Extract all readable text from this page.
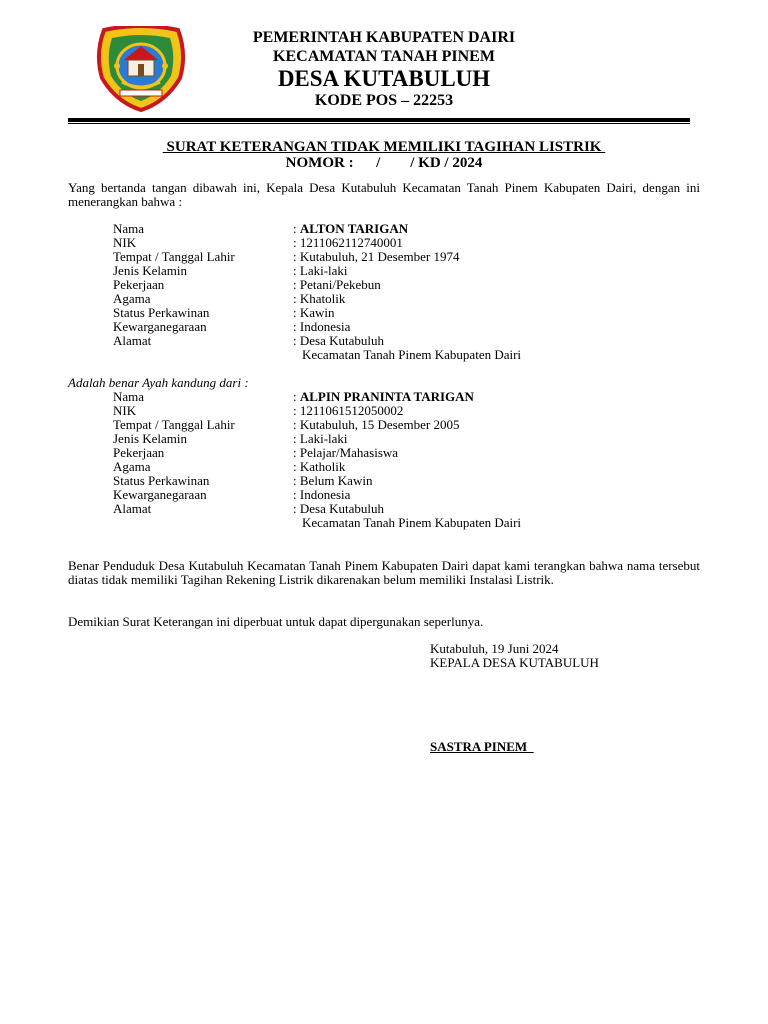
PEMERINTAH KABUPATEN DAIRI
KECAMATAN TANAH PINEM
DESA KUTABULUH
KODE POS – 22253
SURAT KETERANGAN TIDAK MEMILIKI TAGIHAN LISTRIK
NOMOR :      /        / KD / 2024
Yang bertanda tangan dibawah ini, Kepala Desa Kutabuluh Kecamatan Tanah Pinem Kabupaten Dairi, dengan ini menerangkan bahwa :
Nama	: ALTON TARIGAN
NIK	: 1211062112740001
Tempat / Tanggal Lahir	: Kutabuluh, 21 Desember 1974
Jenis Kelamin	: Laki-laki
Pekerjaan	: Petani/Pekebun
Agama	: Khatolik
Status Perkawinan	: Kawin
Kewarganegaraan	: Indonesia
Alamat	: Desa Kutabuluh
Kecamatan Tanah Pinem Kabupaten Dairi
Adalah benar Ayah kandung dari :
Nama	: ALPIN PRANINTA TARIGAN
NIK	: 1211061512050002
Tempat / Tanggal Lahir	: Kutabuluh, 15 Desember 2005
Jenis Kelamin	: Laki-laki
Pekerjaan	: Pelajar/Mahasiswa
Agama	: Katholik
Status Perkawinan	: Belum Kawin
Kewarganegaraan	: Indonesia
Alamat	: Desa Kutabuluh
Kecamatan Tanah Pinem Kabupaten Dairi
Benar Penduduk Desa Kutabuluh Kecamatan Tanah Pinem Kabupaten Dairi dapat kami terangkan bahwa nama tersebut diatas tidak memiliki Tagihan Rekening Listrik dikarenakan belum memiliki Instalasi Listrik.
Demikian Surat Keterangan ini diperbuat untuk dapat dipergunakan seperlunya.
Kutabuluh, 19 Juni 2024
KEPALA DESA KUTABULUH
SASTRA PINEM
